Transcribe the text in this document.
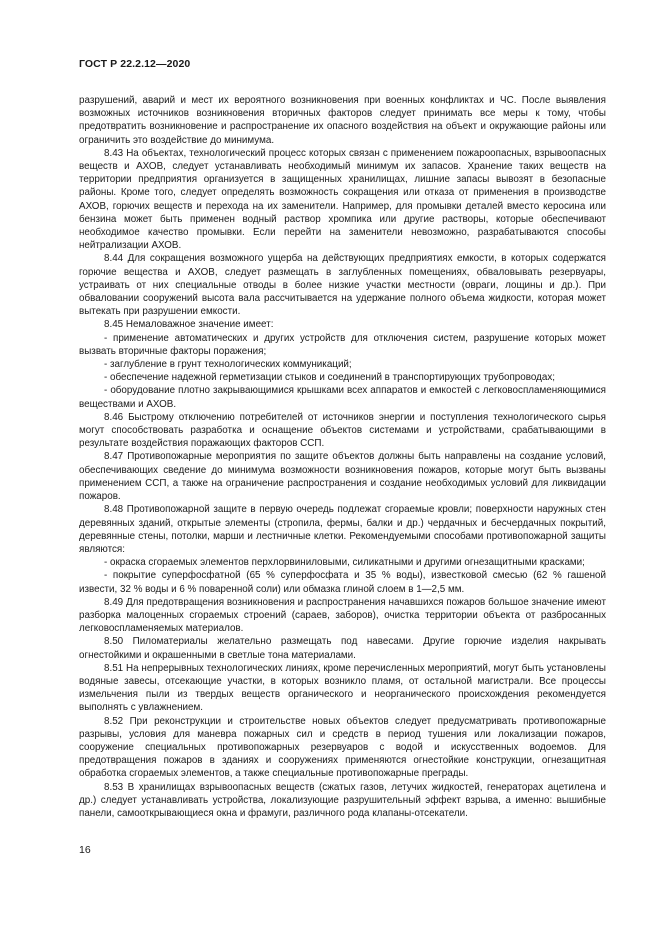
ГОСТ Р 22.2.12—2020

разрушений, аварий и мест их вероятного возникновения при военных конфликтах и ЧС. После выявления возможных источников возникновения вторичных факторов следует принимать все меры к тому, чтобы предотвратить возникновение и распространение их опасного воздействия на объект и окружающие районы или ограничить это воздействие до минимума.

8.43 На объектах, технологический процесс которых связан с применением пожароопасных, взрывоопасных веществ и АХОВ, следует устанавливать необходимый минимум их запасов. Хранение таких веществ на территории предприятия организуется в защищенных хранилищах, лишние запасы вывозят в безопасные районы. Кроме того, следует определять возможность сокращения или отказа от применения в производстве АХОВ, горючих веществ и перехода на их заменители. Например, для промывки деталей вместо керосина или бензина может быть применен водный раствор хромпика или другие растворы, которые обеспечивают необходимое качество промывки. Если перейти на заменители невозможно, разрабатываются способы нейтрализации АХОВ.

8.44 Для сокращения возможного ущерба на действующих предприятиях емкости, в которых содержатся горючие вещества и АХОВ, следует размещать в заглубленных помещениях, обваловывать резервуары, устраивать от них специальные отводы в более низкие участки местности (овраги, лощины и др.). При обваловании сооружений высота вала рассчитывается на удержание полного объема жидкости, которая может вытекать при разрушении емкости.

8.45 Немаловажное значение имеет:

- применение автоматических и других устройств для отключения систем, разрушение которых может вызвать вторичные факторы поражения;

- заглубление в грунт технологических коммуникаций;

- обеспечение надежной герметизации стыков и соединений в транспортирующих трубопроводах;

- оборудование плотно закрывающимися крышками всех аппаратов и емкостей с легковоспламеняющимися веществами и АХОВ.

8.46 Быстрому отключению потребителей от источников энергии и поступления технологического сырья могут способствовать разработка и оснащение объектов системами и устройствами, срабатывающими в результате воздействия поражающих факторов ССП.

8.47 Противопожарные мероприятия по защите объектов должны быть направлены на создание условий, обеспечивающих сведение до минимума возможности возникновения пожаров, которые могут быть вызваны применением ССП, а также на ограничение распространения и создание необходимых условий для ликвидации пожаров.

8.48 Противопожарной защите в первую очередь подлежат сгораемые кровли; поверхности наружных стен деревянных зданий, открытые элементы (стропила, фермы, балки и др.) чердачных и бесчердачных покрытий, деревянные стены, потолки, марши и лестничные клетки. Рекомендуемыми способами противопожарной защиты являются:

- окраска сгораемых элементов перхлорвиниловыми, силикатными и другими огнезащитными красками;

- покрытие суперфосфатной (65 % суперфосфата и 35 % воды), известковой смесью (62 % гашеной извести, 32 % воды и 6 % поваренной соли) или обмазка глиной слоем в 1—2,5 мм.

8.49 Для предотвращения возникновения и распространения начавшихся пожаров большое значение имеют разборка малоценных сгораемых строений (сараев, заборов), очистка территории объекта от разбросанных легковоспламеняемых материалов.

8.50 Пиломатериалы желательно размещать под навесами. Другие горючие изделия накрывать огнестойкими и окрашенными в светлые тона материалами.

8.51 На непрерывных технологических линиях, кроме перечисленных мероприятий, могут быть установлены водяные завесы, отсекающие участки, в которых возникло пламя, от остальной магистрали. Все процессы измельчения пыли из твердых веществ органического и неорганического происхождения рекомендуется выполнять с увлажнением.

8.52 При реконструкции и строительстве новых объектов следует предусматривать противопожарные разрывы, условия для маневра пожарных сил и средств в период тушения или локализации пожаров, сооружение специальных противопожарных резервуаров с водой и искусственных водоемов. Для предотвращения пожаров в зданиях и сооружениях применяются огнестойкие конструкции, огнезащитная обработка сгораемых элементов, а также специальные противопожарные преграды.

8.53 В хранилищах взрывоопасных веществ (сжатых газов, летучих жидкостей, генераторах ацетилена и др.) следует устанавливать устройства, локализующие разрушительный эффект взрыва, а именно: вышибные панели, самооткрывающиеся окна и фрамуги, различного рода клапаны-отсекатели.

16
